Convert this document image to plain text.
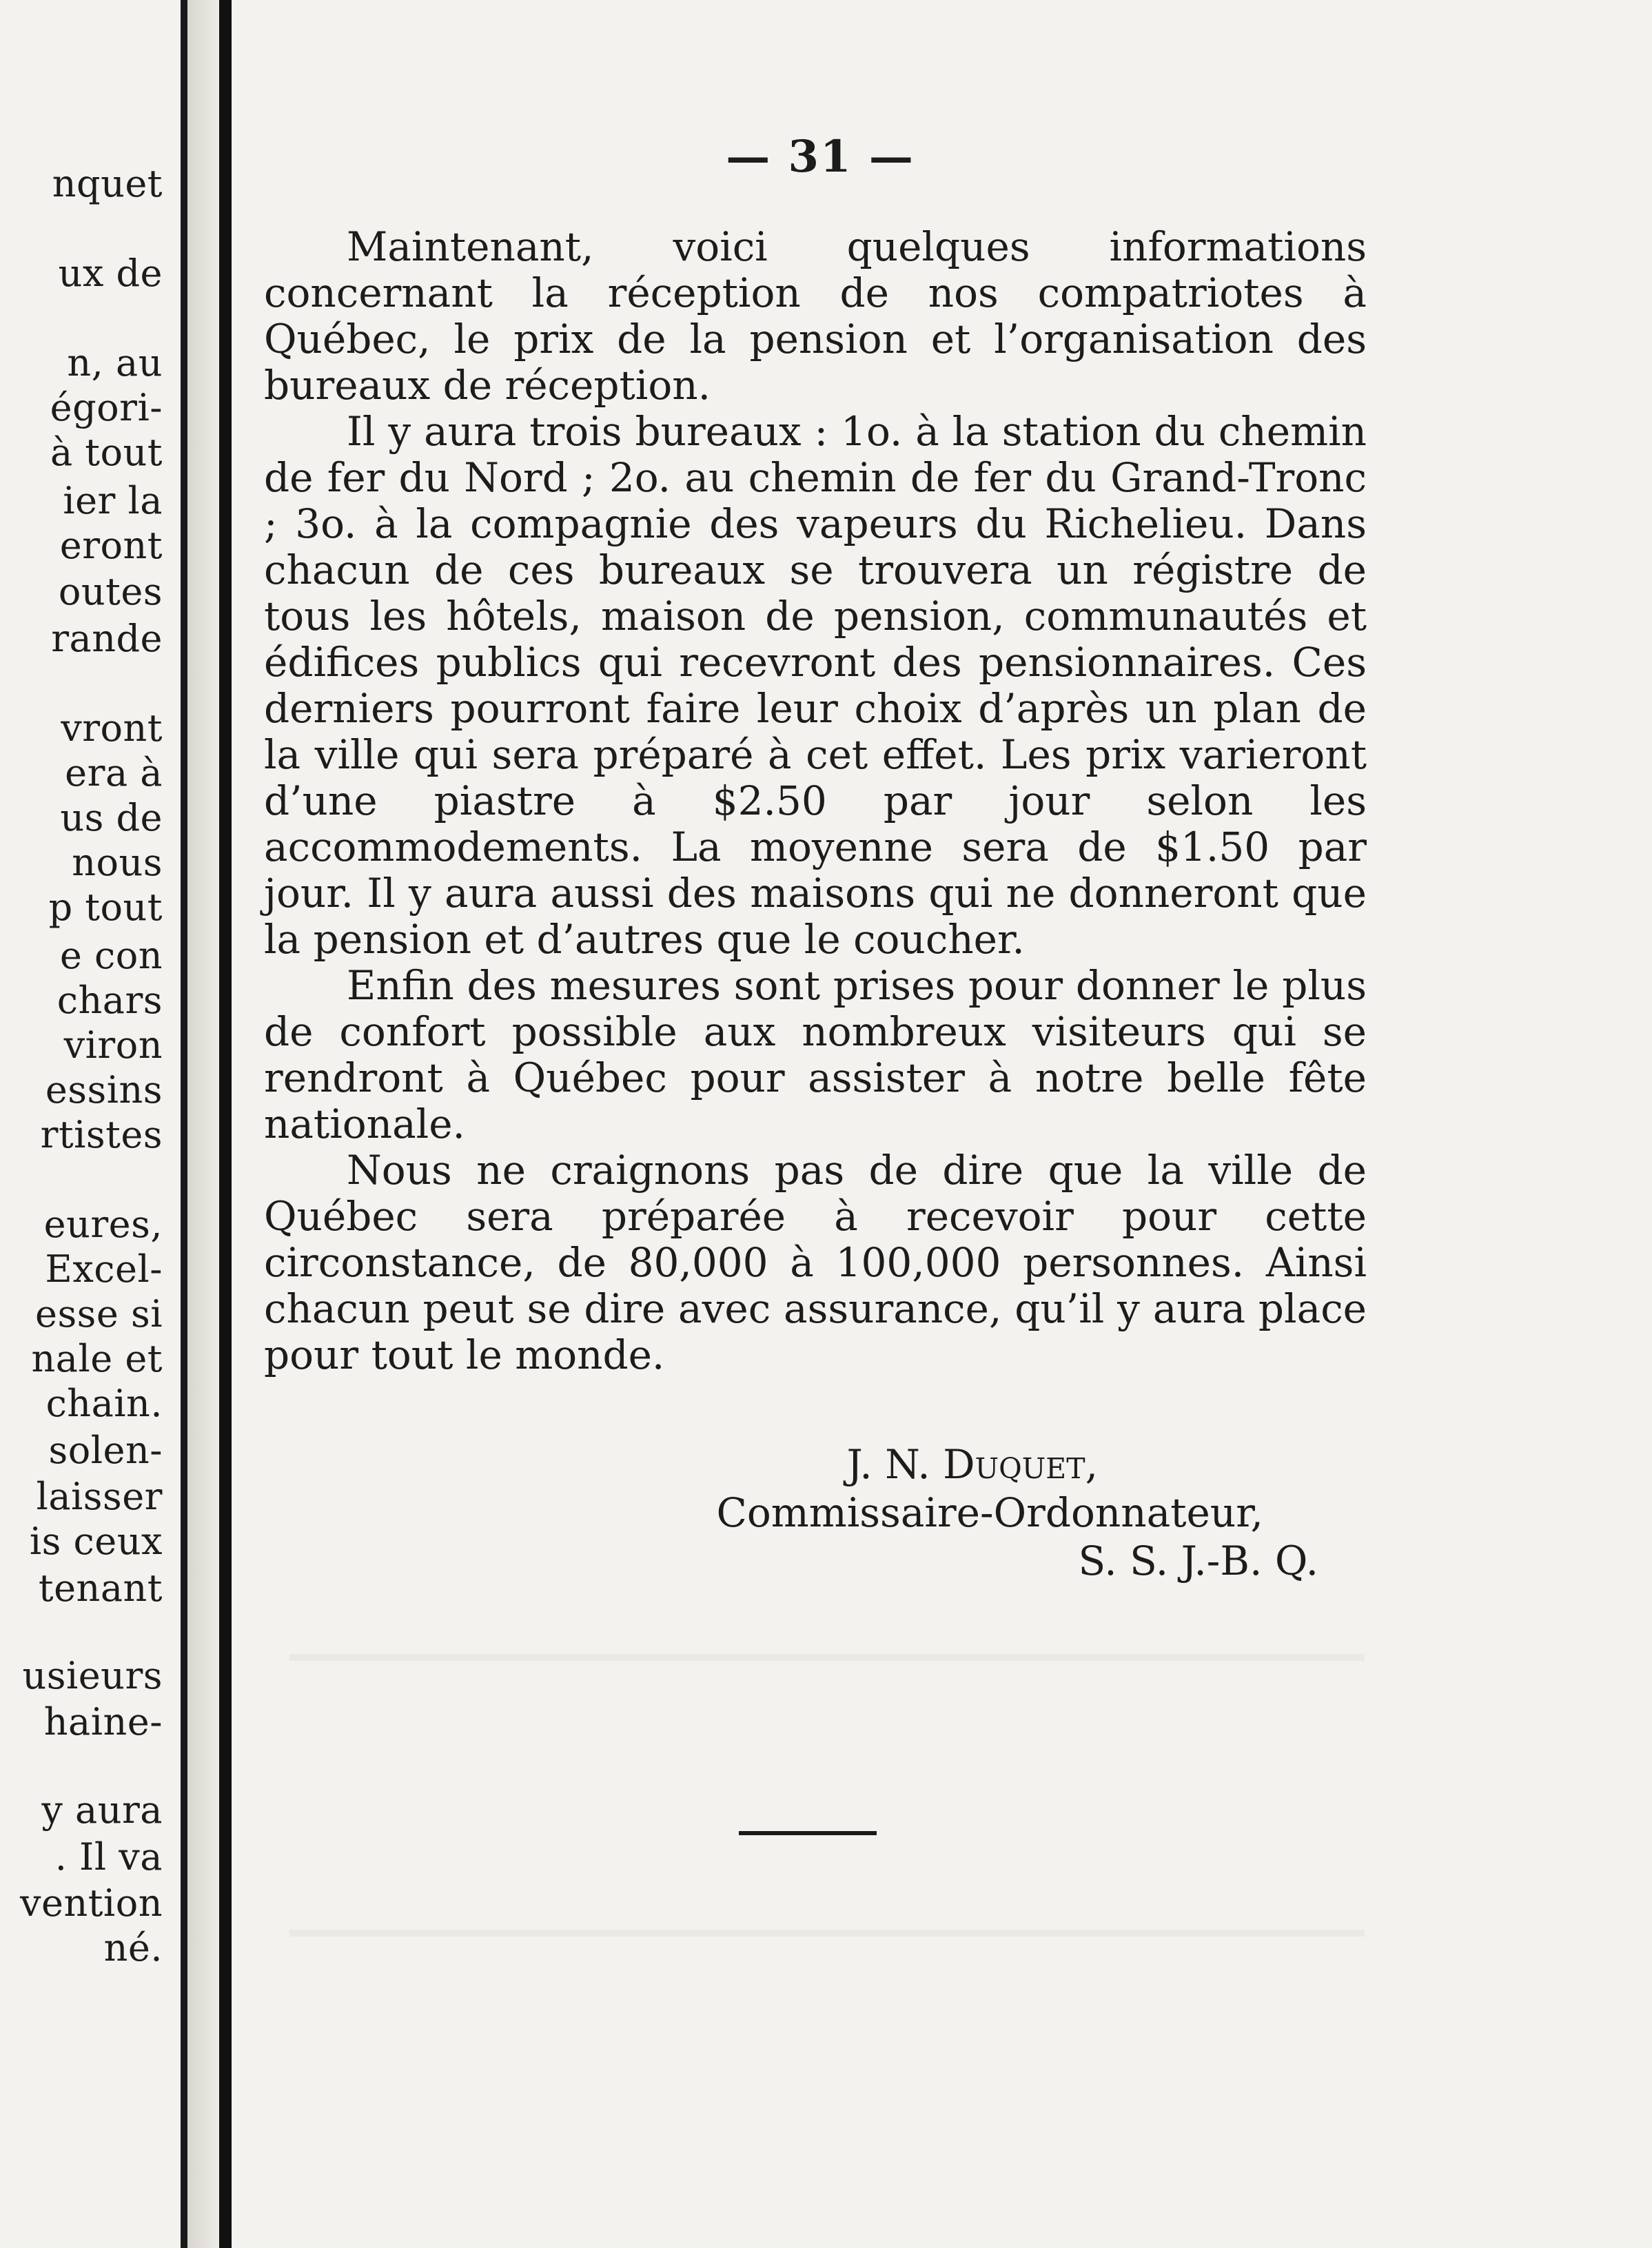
nquet
ux de
n, au
égori-
à tout
ier la
eront
outes
rande
vront
era à
us de
nous
p tout
e con
chars
viron
essins
rtistes
eures,
Excel-
esse si
nale et
chain.
solen-
laisser
is ceux
tenant
usieurs
haine-
y aura
. Il va
vention
né.
— 31 —

Maintenant, voici quelques informations concernant la réception de nos compatriotes à Québec, le prix de la pension et l’organisation des bureaux de réception.

Il y aura trois bureaux : 1o. à la station du chemin de fer du Nord ; 2o. au chemin de fer du Grand-Tronc ; 3o. à la compagnie des vapeurs du Richelieu. Dans chacun de ces bureaux se trouvera un régistre de tous les hôtels, maison de pension, communautés et édifices publics qui recevront des pensionnaires. Ces derniers pourront faire leur choix d’après un plan de la ville qui sera préparé à cet effet. Les prix varieront d’une piastre à $2.50 par jour selon les accommodements. La moyenne sera de $1.50 par jour. Il y aura aussi des maisons qui ne donneront que la pension et d’autres que le coucher.

Enfin des mesures sont prises pour donner le plus de confort possible aux nombreux visiteurs qui se rendront à Québec pour assister à notre belle fête nationale.

Nous ne craignons pas de dire que la ville de Québec sera préparée à recevoir pour cette circonstance, de 80,000 à 100,000 personnes. Ainsi chacun peut se dire avec assurance, qu’il y aura place pour tout le monde.

J. N. Duquet,
Commissaire-Ordonnateur,
S. S. J.-B. Q.
